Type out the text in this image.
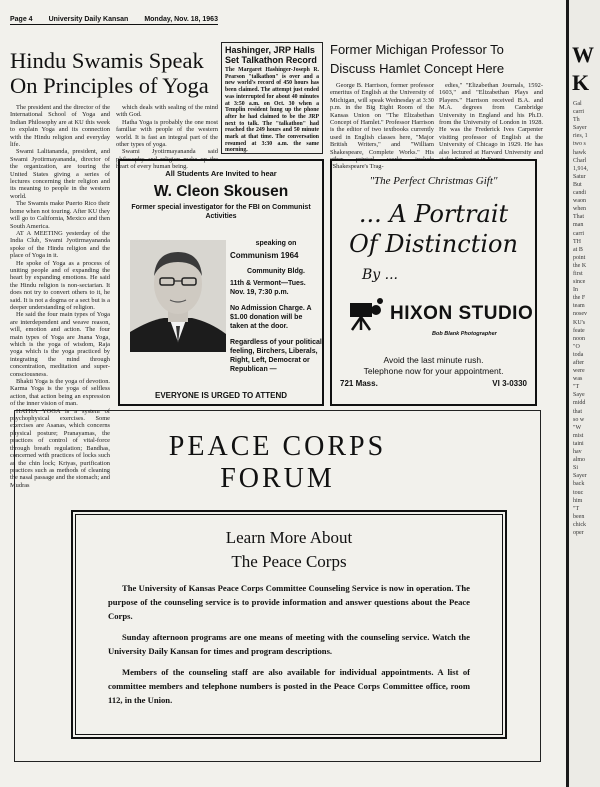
Page 4 University Daily Kansan Monday, Nov. 18, 1963
Hindu Swamis Speak On Principles of Yoga

The president and the director of the International School of Yoga and Indian Philosophy are at KU this week to explain Yoga and its connection with the Hindu religion and everyday life.

Swami Lalitananda, president, and Swami Jyotirmayananda, director of the organization, are touring the United States giving a series of lectures concerning their religion and its meaning to people in the western world.

The Swamis make Puerto Rico their home when not touring. After KU they will go to California, Mexico and then South America.

AT A MEETING yesterday of the India Club, Swami Jyotirmayananda spoke of the Hindu religion and the place of Yoga in it.

He spoke of Yoga as a process of uniting people and of expanding the heart by expanding emotions. He said the Hindu religion is non-sectarian. It does not try to convert others to it, he said. It is not a dogma or a sect but is a deeper understanding of religion.

He said the four main types of Yoga are interdependent and weave reason, will, emotion and action. The four main types of Yoga are Jnana Yoga, which is the yoga of wisdom, Raja yoga which is the yoga practiced by integrating the mind through concentration, meditation and super-consciousness.

Bhakti Yoga is the yoga of devotion. Karma Yoga is the yoga of selfless action, that action being an expression of the inner vision of man.

HATHA YOGA is a system of psychophysical exercises. Some exercises are Asanas, which concerns physical posture; Pranayamas, the practices of control of vital-force through breath regulation; Bandhas, concerned with practices of locks such as the chin lock; Kriyas, purification practices such as methods of cleaning the nasal passage and the stomach; and Mudras

which deals with sealing of the mind with God.

Hatha Yoga is probably the one most familiar with people of the western world. It is fast an integral part of the other types of yoga.

Swami Jyotirmayananda said philosophy and religion make up the heart of every human being.

Hashinger, JRP Halls Set Talkathon Record
The Margaret Hashinger-Joseph R. Pearson "talkathon" is over and a new world's record of 450 hours has been claimed. The attempt just ended was interrupted for about 40 minutes at 3:50 a.m. on Oct. 30 when a Templin resident hung up the phone after he had claimed to be the JRP next to talk. The "talkathon" had reached the 249 hours and 50 minute mark at that time. The conversation resumed at 3:30 a.m. the same morning.
Former Michigan Professor To Discuss Hamlet Concept Here

George B. Harrison, former professor emeritus of English at the University of Michigan, will speak Wednesday at 3:30 p.m. in the Big Eight Room of the Kansas Union on "The Elizabethan Concept of Hamlet." Professor Harrison is the editor of two textbooks currently used in English classes here, "Major British Writers," and "William Shakespeare, Complete Works." His other printed works include "Shakespeare's Trag-

edies," "Elizabethan Journals, 1592-1603," and "Elizabethan Plays and Players." Harrison received B.A. and M.A. degrees from Cambridge University in England and his Ph.D. from the University of London in 1928. He was the Frederick Ives Carpenter visiting professor of English at the University of Chicago in 1929. He has also lectured at Harvard University and at the Sorbonne in France.

All Students Are Invited to hear
W. Cleon Skousen
Former special investigator for the FBI on Communist Activities
speaking on
Communism 1964
Community Bldg.
11th & Vermont—Tues.
Nov. 19, 7:30 p.m.
No Admission Charge. A $1.00 donation will be taken at the door.
Regardless of your political feeling, Birchers, Liberals, Right, Left, Democrat or Republican —
EVERYONE IS URGED TO ATTEND
"The Perfect Christmas Gift"
... A Portrait
Of Distinction
By ...
HIXON STUDIO
Bob Blank Photographer
Avoid the last minute rush.
Telephone now for your appointment.
721 Mass.	VI 3-0330
PEACE CORPS
FORUM
Learn More About
The Peace Corps

The University of Kansas Peace Corps Committee Counseling Service is now in operation. The purpose of the counseling service is to provide information and answer questions about the Peace Corps.

Sunday afternoon programs are one means of meeting with the counseling service. Watch the University Daily Kansan for times and program descriptions.

Members of the counseling staff are also available for individual appointments. A list of committee members and telephone numbers is posted in the Peace Corps Committee office, room 112, in the Union.

W
K
Gal
carri
Th
Sayer
ries, 1
two s
hawk
Charl
1,914,
Satur
But
candi
waon
when
That
man
carri
TH
at B
point
the K
first
since
In
the F
team
nosev
KU's
feate
noon
"O
toda
after
were
was
"T
Saye
midd
that
so w
"W
mist
taini
hav
almo
Si
Sayer
back
touc
him
"T
been
chick
oper
